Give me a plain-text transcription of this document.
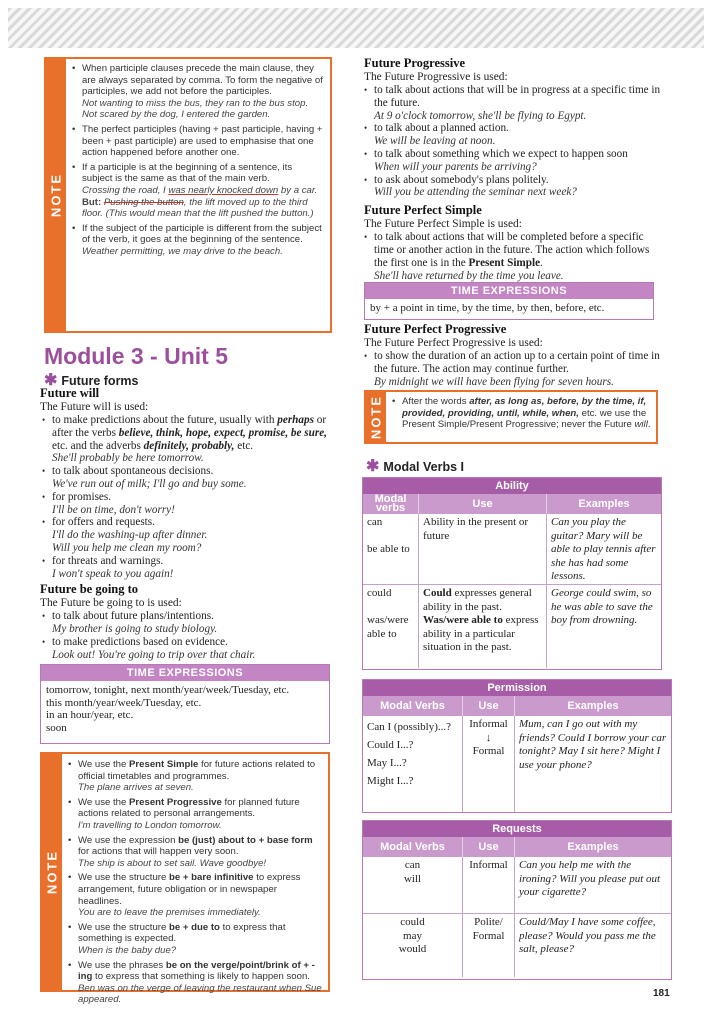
NOTE
• When participle clauses precede the main clause, they are always separated by comma. To form the negative of participles, we add not before the participles.
Not wanting to miss the bus, they ran to the bus stop.
Not scared by the dog, I entered the garden.
• The perfect participles (having + past participle, having + been + past participle) are used to emphasise that one action happened before another one.
• If a participle is at the beginning of a sentence, its subject is the same as that of the main verb.
Crossing the road, I was nearly knocked down by a car.
But: Pushing the button, the lift moved up to the third floor. (This would mean that the lift pushed the button.)
• If the subject of the participle is different from the subject of the verb, it goes at the beginning of the sentence.
Weather permitting, we may drive to the beach.
Module 3 - Unit 5
✱ Future forms
Future will
The Future will is used:
• to make predictions about the future, usually with perhaps or after the verbs believe, think, hope, expect, promise, be sure, etc. and the adverbs definitely, probably, etc.
She'll probably be here tomorrow.
• to talk about spontaneous decisions.
We've run out of milk; I'll go and buy some.
• for promises.
I'll be on time, don't worry!
• for offers and requests.
I'll do the washing-up after dinner.
Will you help me clean my room?
• for threats and warnings.
I won't speak to you again!
Future be going to
The Future be going to is used:
• to talk about future plans/intentions.
My brother is going to study biology.
• to make predictions based on evidence.
Look out! You're going to trip over that chair.
TIME EXPRESSIONS
tomorrow, tonight, next month/year/week/Tuesday, etc.
this month/year/week/Tuesday, etc.
in an hour/year, etc.
soon
NOTE
• We use the Present Simple for future actions related to official timetables and programmes.
The plane arrives at seven.
• We use the Present Progressive for planned future actions related to personal arrangements.
I'm travelling to London tomorrow.
• We use the expression be (just) about to + base form for actions that will happen very soon.
The ship is about to set sail. Wave goodbye!
• We use the structure be + bare infinitive to express arrangement, future obligation or in newspaper headlines.
You are to leave the premises immediately.
• We use the structure be + due to to express that something is expected.
When is the baby due?
• We use the phrases be on the verge/point/brink of + -ing to express that something is likely to happen soon.
Ben was on the verge of leaving the restaurant when Sue appeared.
Future Progressive
The Future Progressive is used:
• to talk about actions that will be in progress at a specific time in the future.
At 9 o'clock tomorrow, she'll be flying to Egypt.
• to talk about a planned action.
We will be leaving at noon.
• to talk about something which we expect to happen soon
When will your parents be arriving?
• to ask about somebody's plans politely.
Will you be attending the seminar next week?
Future Perfect Simple
The Future Perfect Simple is used:
• to talk about actions that will be completed before a specific time or another action in the future. The action which follows the first one is in the Present Simple.
She'll have returned by the time you leave.
TIME EXPRESSIONS
by + a point in time, by the time, by then, before, etc.
Future Perfect Progressive
The Future Perfect Progressive is used:
• to show the duration of an action up to a certain point of time in the future. The action may continue further.
By midnight we will have been flying for seven hours.
NOTE
•	After the words after, as long as, before, by the time, if, provided, providing, until, while, when, etc. we use the Present Simple/Present Progressive; never the Future will.
✱ Modal Verbs I
Ability
Modal verbs	Use	Examples
can

be able to
Ability in the present or future
Can you play the guitar? Mary will be able to play tennis after she has had some lessons.
could

was/were able to
Could expresses general ability in the past. Was/were able to express ability in a particular situation in the past.
George could swim, so he was able to save the boy from drowning.
Permission
Modal Verbs	Use	Examples
Can I (possibly)...?
Could I...?
May I...?
Might I...?
Informal
↓
Formal
Mum, can I go out with my friends? Could I borrow your car tonight? May I sit here? Might I use your phone?
Requests
Modal Verbs	Use	Examples
can
will
Informal	Can you help me with the ironing? Will you please put out your cigarette?
could
may
would
Polite/ Formal
Could/May I have some coffee, please? Would you pass me the salt, please?
181
